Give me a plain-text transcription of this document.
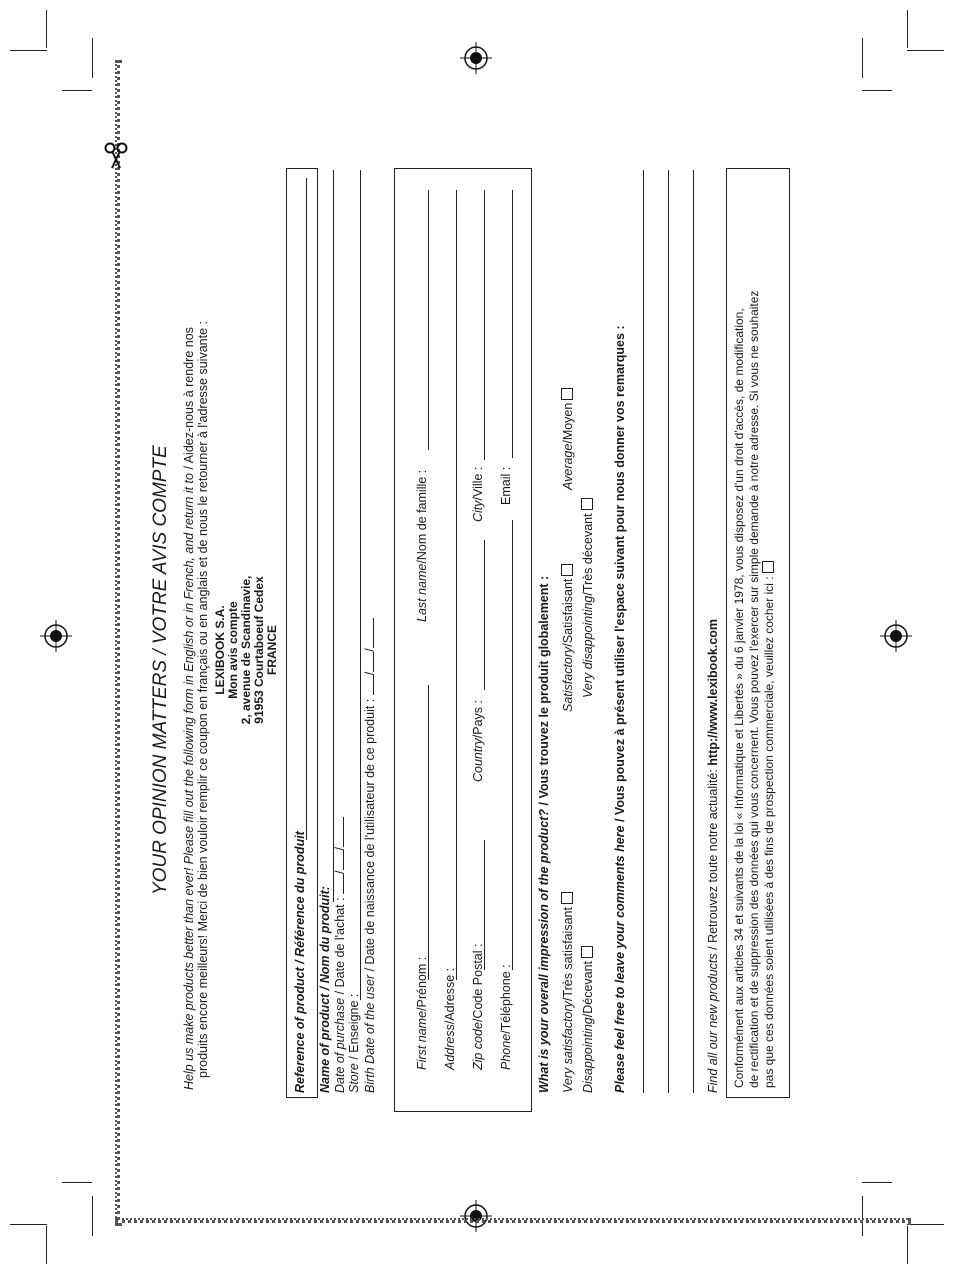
YOUR OPINION MATTERS / VOTRE AVIS COMPTE Help us make products better than ever! Please fill out the following form in English or in French, and return it to / Aidez-nous à rendre nos produits encore meilleurs! Merci de bien vouloir remplir ce coupon en français ou en anglais et de nous le retourner à l'adresse suivante : LEXIBOOK S.A. Mon avis compte 2, avenue de Scandinavie, 91953 Courtaboeuf Cedex FRANCE
Reference of product / Référence du produit Name of product / Nom du produit: Date of purchase / Date de l'achat : //
Store / Enseigne : Birth Date of the user / Date de naissance de l'utilisateur de ce produit : //
First name/Prénom :
Last name/Nom de famille :
Address/Adresse :
Zip code/Code Postal :
Country/Pays :
City/Ville :
Phone/Téléphone :
Email :
What is your overall impression of the product? / Vous trouvez le produit globalement :
Very satisfactory/Très satisfaisant
Satisfactory/Satisfaisant
Average/Moyen
Disappointing/Décevant
Very disappointing/Très décevant
Please feel free to leave your comments here / Vous pouvez à présent utiliser l'espace suivant pour nous donner vos remarques :
Find all our new products / Retrouvez toute notre actualité: http://www.lexibook.com Conformément aux articles 34 et suivants de la loi « Informatique et Libertés » du 6 janvier 1978, vous disposez d'un droit d'accès, de modification, de rectification et de suppression des données qui vous concernent. Vous pouvez l'exercer sur simple demande à notre adresse. Si vous ne souhaitez pas que ces données soient utilisées à des fins de prospection commerciale, veuillez cocher ici :
